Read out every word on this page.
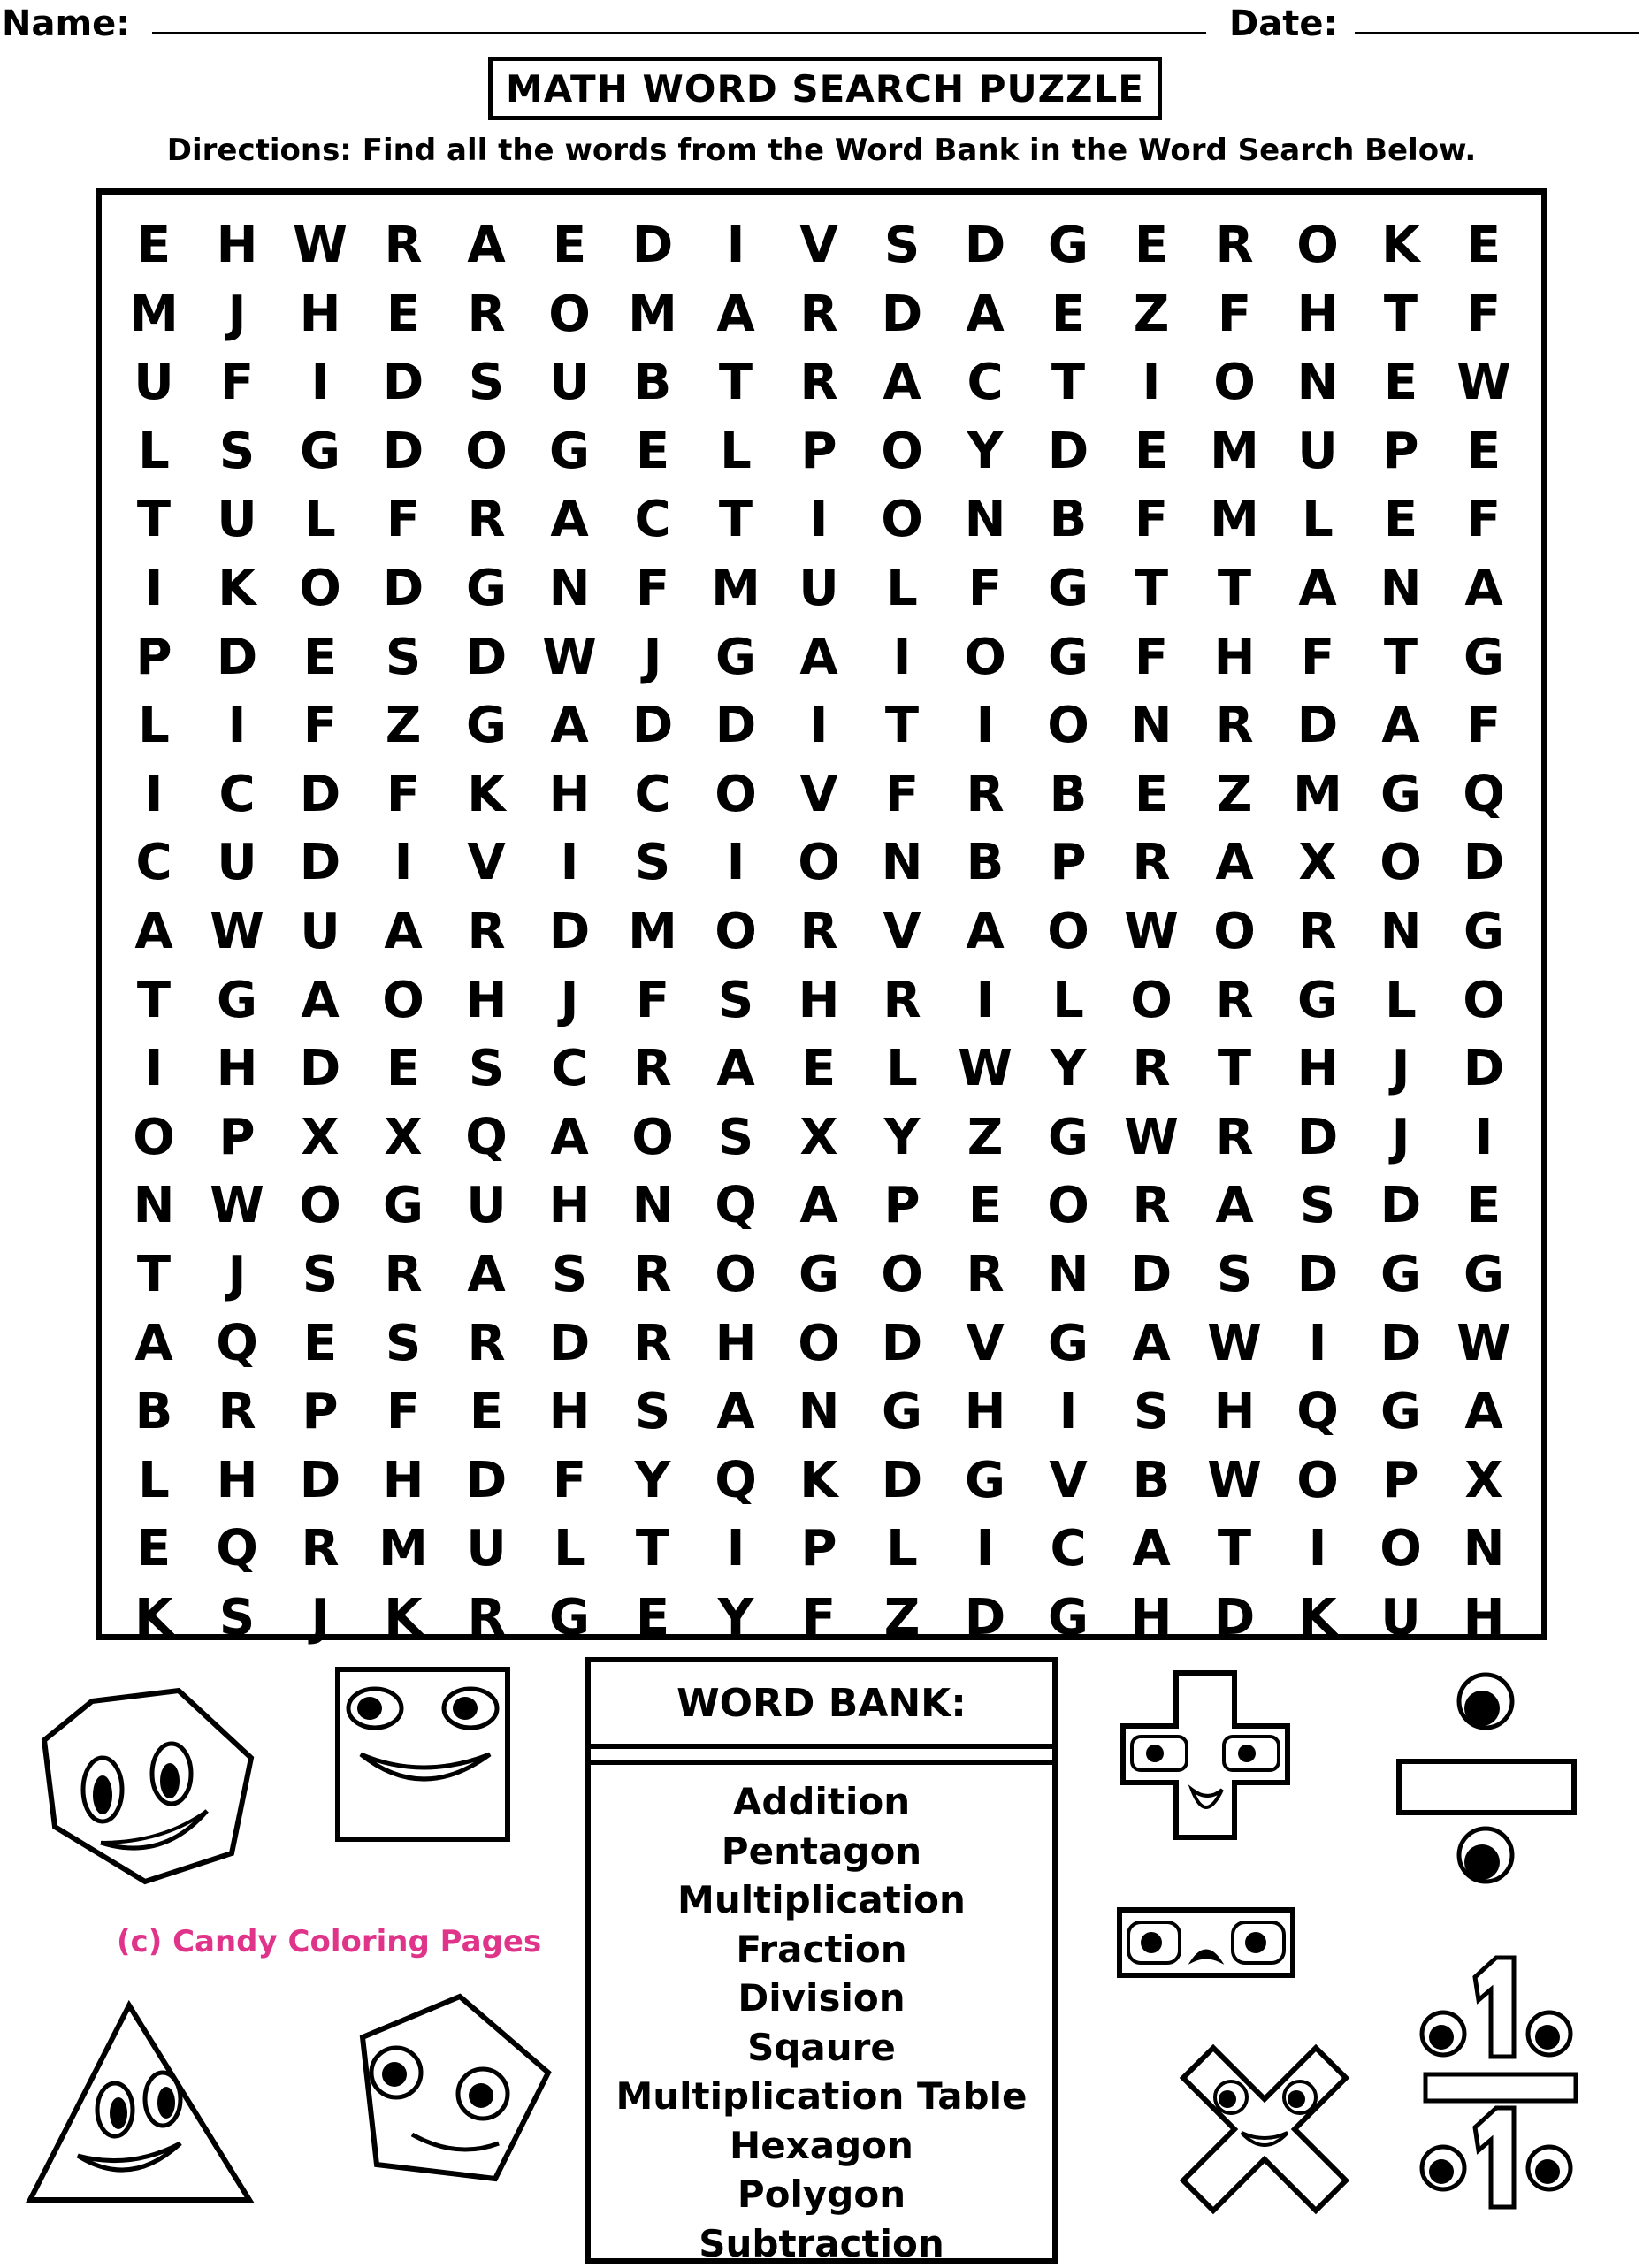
Name:	Date:
MATH WORD SEARCH PUZZLE
Directions: Find all the words from the Word Bank in the Word Search Below.
E H W R A E D	I	V S D G E R O K E
M J	H E R O M A R D A E Z F H T F
U F	I	D S U B T R A C T	I	O N E W
L S G D O G E	L P O Y D E M U P E
T U L	F R A C T	I	O N B F M L	E F
I	K O D G N F M U L	F G T T A N A
P D E S D W J	G A	I	O G F H F T G
L	I	F Z G A D D	I	T	I	O N R D A F
I	C D F K H C O V F R B E Z M G Q
C U D	I	V	I	S	I	O N B P R A X O D
A W U A R D M O R V A O W O R N G
T G A O H	J	F S H R	I	L O R G L O
I	H D E S C R A E	L W Y R T H	J	D
O P X X Q A O S X Y Z G W R D	J	I
N W O G U H N Q A P E O R A S D E
T	J	S R A S R O G O R N D S D G G
A Q E S R D R H O D V G A W I	D W
B R P F E H S A N G H	I	S H Q G A
L H D H D F Y Q K D G V B W O P X
E Q R M U L	T	I	P L	I	C A T	I	O N
K S	J	K R G E Y F Z D G H D K U H
WORD BANK:
Addition
Pentagon
Multiplication
Fraction
Division
Sqaure
Multiplication Table
Hexagon
Polygon
Subtraction
(c) Candy Coloring Pages
